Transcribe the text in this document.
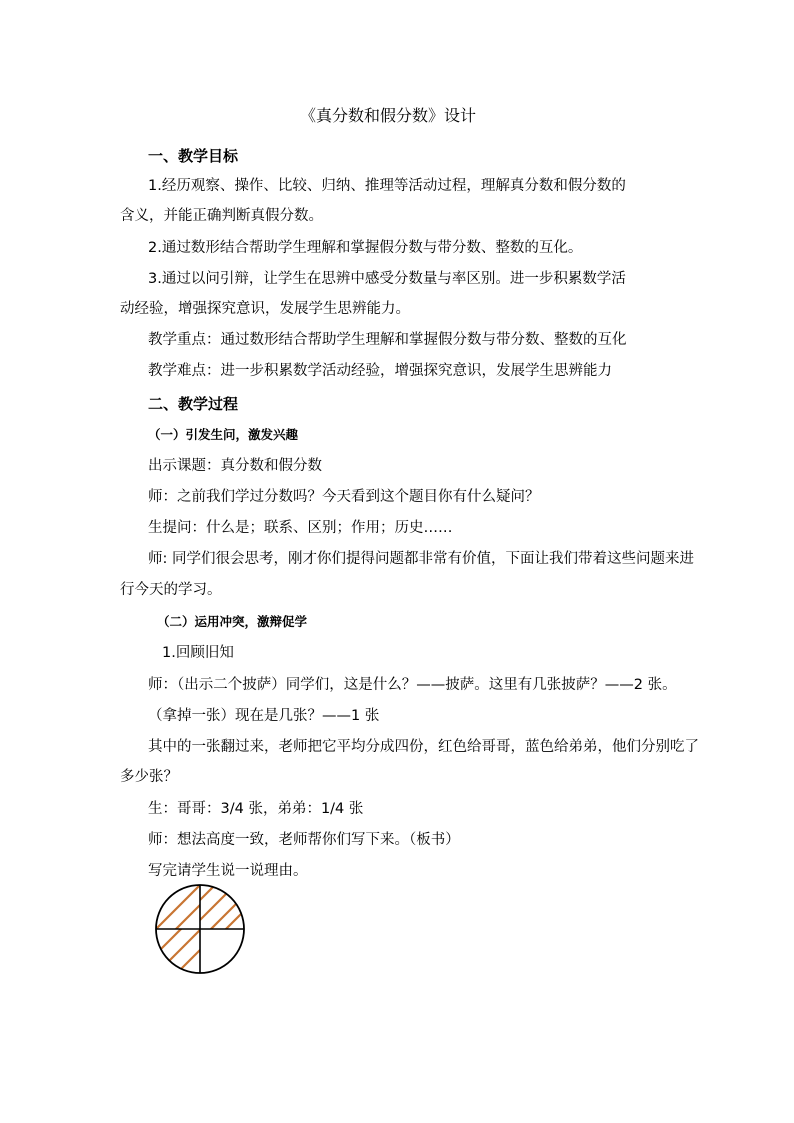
《真分数和假分数》设计
一、教学目标
1.经历观察、操作、比较、归纳、推理等活动过程，理解真分数和假分数的
含义，并能正确判断真假分数。
2.通过数形结合帮助学生理解和掌握假分数与带分数、整数的互化。
3.通过以问引辩，让学生在思辨中感受分数量与率区别。进一步积累数学活
动经验，增强探究意识，发展学生思辨能力。
教学重点：通过数形结合帮助学生理解和掌握假分数与带分数、整数的互化
教学难点：进一步积累数学活动经验，增强探究意识，发展学生思辨能力
二、教学过程
（一）引发生问，激发兴趣
出示课题：真分数和假分数
师：之前我们学过分数吗？今天看到这个题目你有什么疑问？
生提问：什么是；联系、区别；作用；历史……
师: 同学们很会思考，刚才你们提得问题都非常有价值，下面让我们带着这些问题来进
行今天的学习。
（二）运用冲突，激辩促学
1.回顾旧知
师：（出示二个披萨）同学们，这是什么？——披萨。这里有几张披萨？——2 张。
（拿掉一张）现在是几张？——1 张
其中的一张翻过来，老师把它平均分成四份，红色给哥哥，蓝色给弟弟，他们分别吃了
多少张？
生：哥哥：3/4 张，弟弟：1/4 张
师：想法高度一致，老师帮你们写下来。（板书）
写完请学生说一说理由。
